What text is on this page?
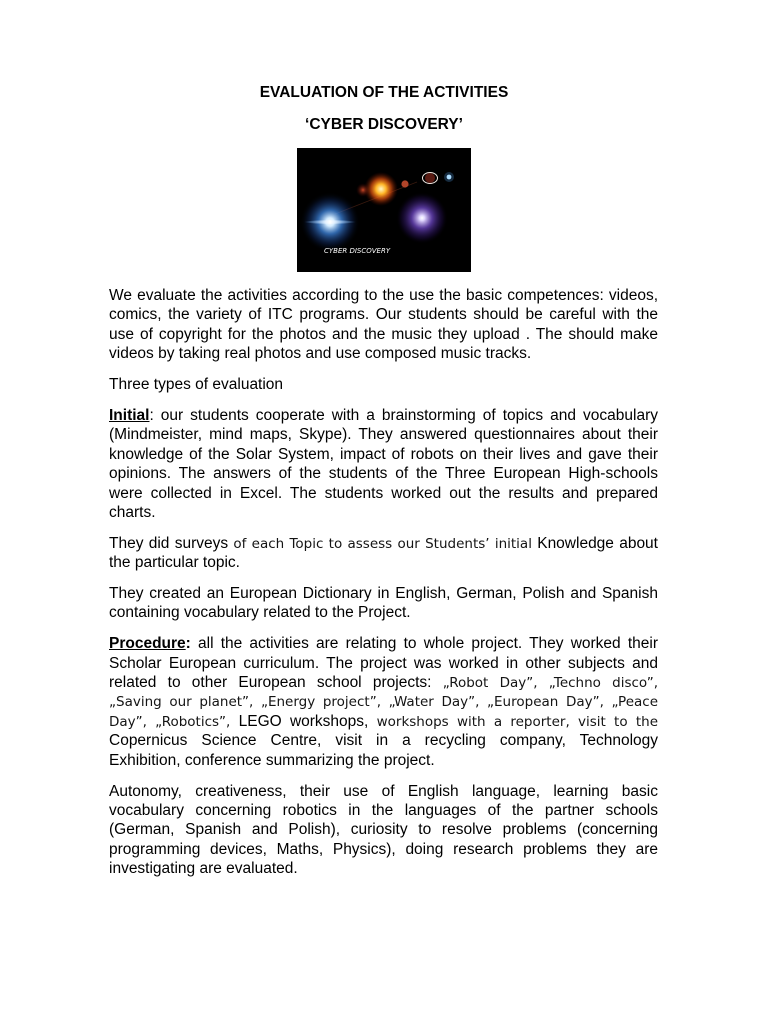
EVALUATION OF THE ACTIVITIES
‘CYBER DISCOVERY’
CYBER DISCOVERY
We evaluate the activities according to the use the basic competences: videos,
comics, the variety of ITC programs. Our students should be careful with the
use of copyright for the photos and the music they upload . The should make
videos by taking real photos and use composed music tracks.
Three types of evaluation
Initial: our students cooperate with a brainstorming of topics and vocabulary
(Mindmeister, mind maps, Skype). They answered questionnaires about their
knowledge of the Solar System, impact of robots on their lives and gave their
opinions. The answers of the students of the Three European High-schools
were collected in Excel. The students worked out the results and prepared
charts.
They did surveys of each Topic to assess our Students’ initial Knowledge about
the particular topic.
They created an European Dictionary in English, German, Polish and Spanish
containing vocabulary related to the Project.
Procedure: all the activities are relating to whole project. They worked their
Scholar European curriculum. The project was worked in other subjects and
related to other European school projects: „Robot Day”, „Techno disco”,
„Saving our planet”, „Energy project”, „Water Day”, „European Day”, „Peace
Day”, „Robotics”, LEGO workshops, workshops with a reporter, visit to the
Copernicus Science Centre, visit in a recycling company, Technology
Exhibition, conference summarizing the project.
Autonomy, creativeness, their use of English language, learning basic
vocabulary concerning robotics in the languages of the partner schools
(German, Spanish and Polish), curiosity to resolve problems (concerning
programming devices, Maths, Physics), doing research problems they are
investigating are evaluated.
